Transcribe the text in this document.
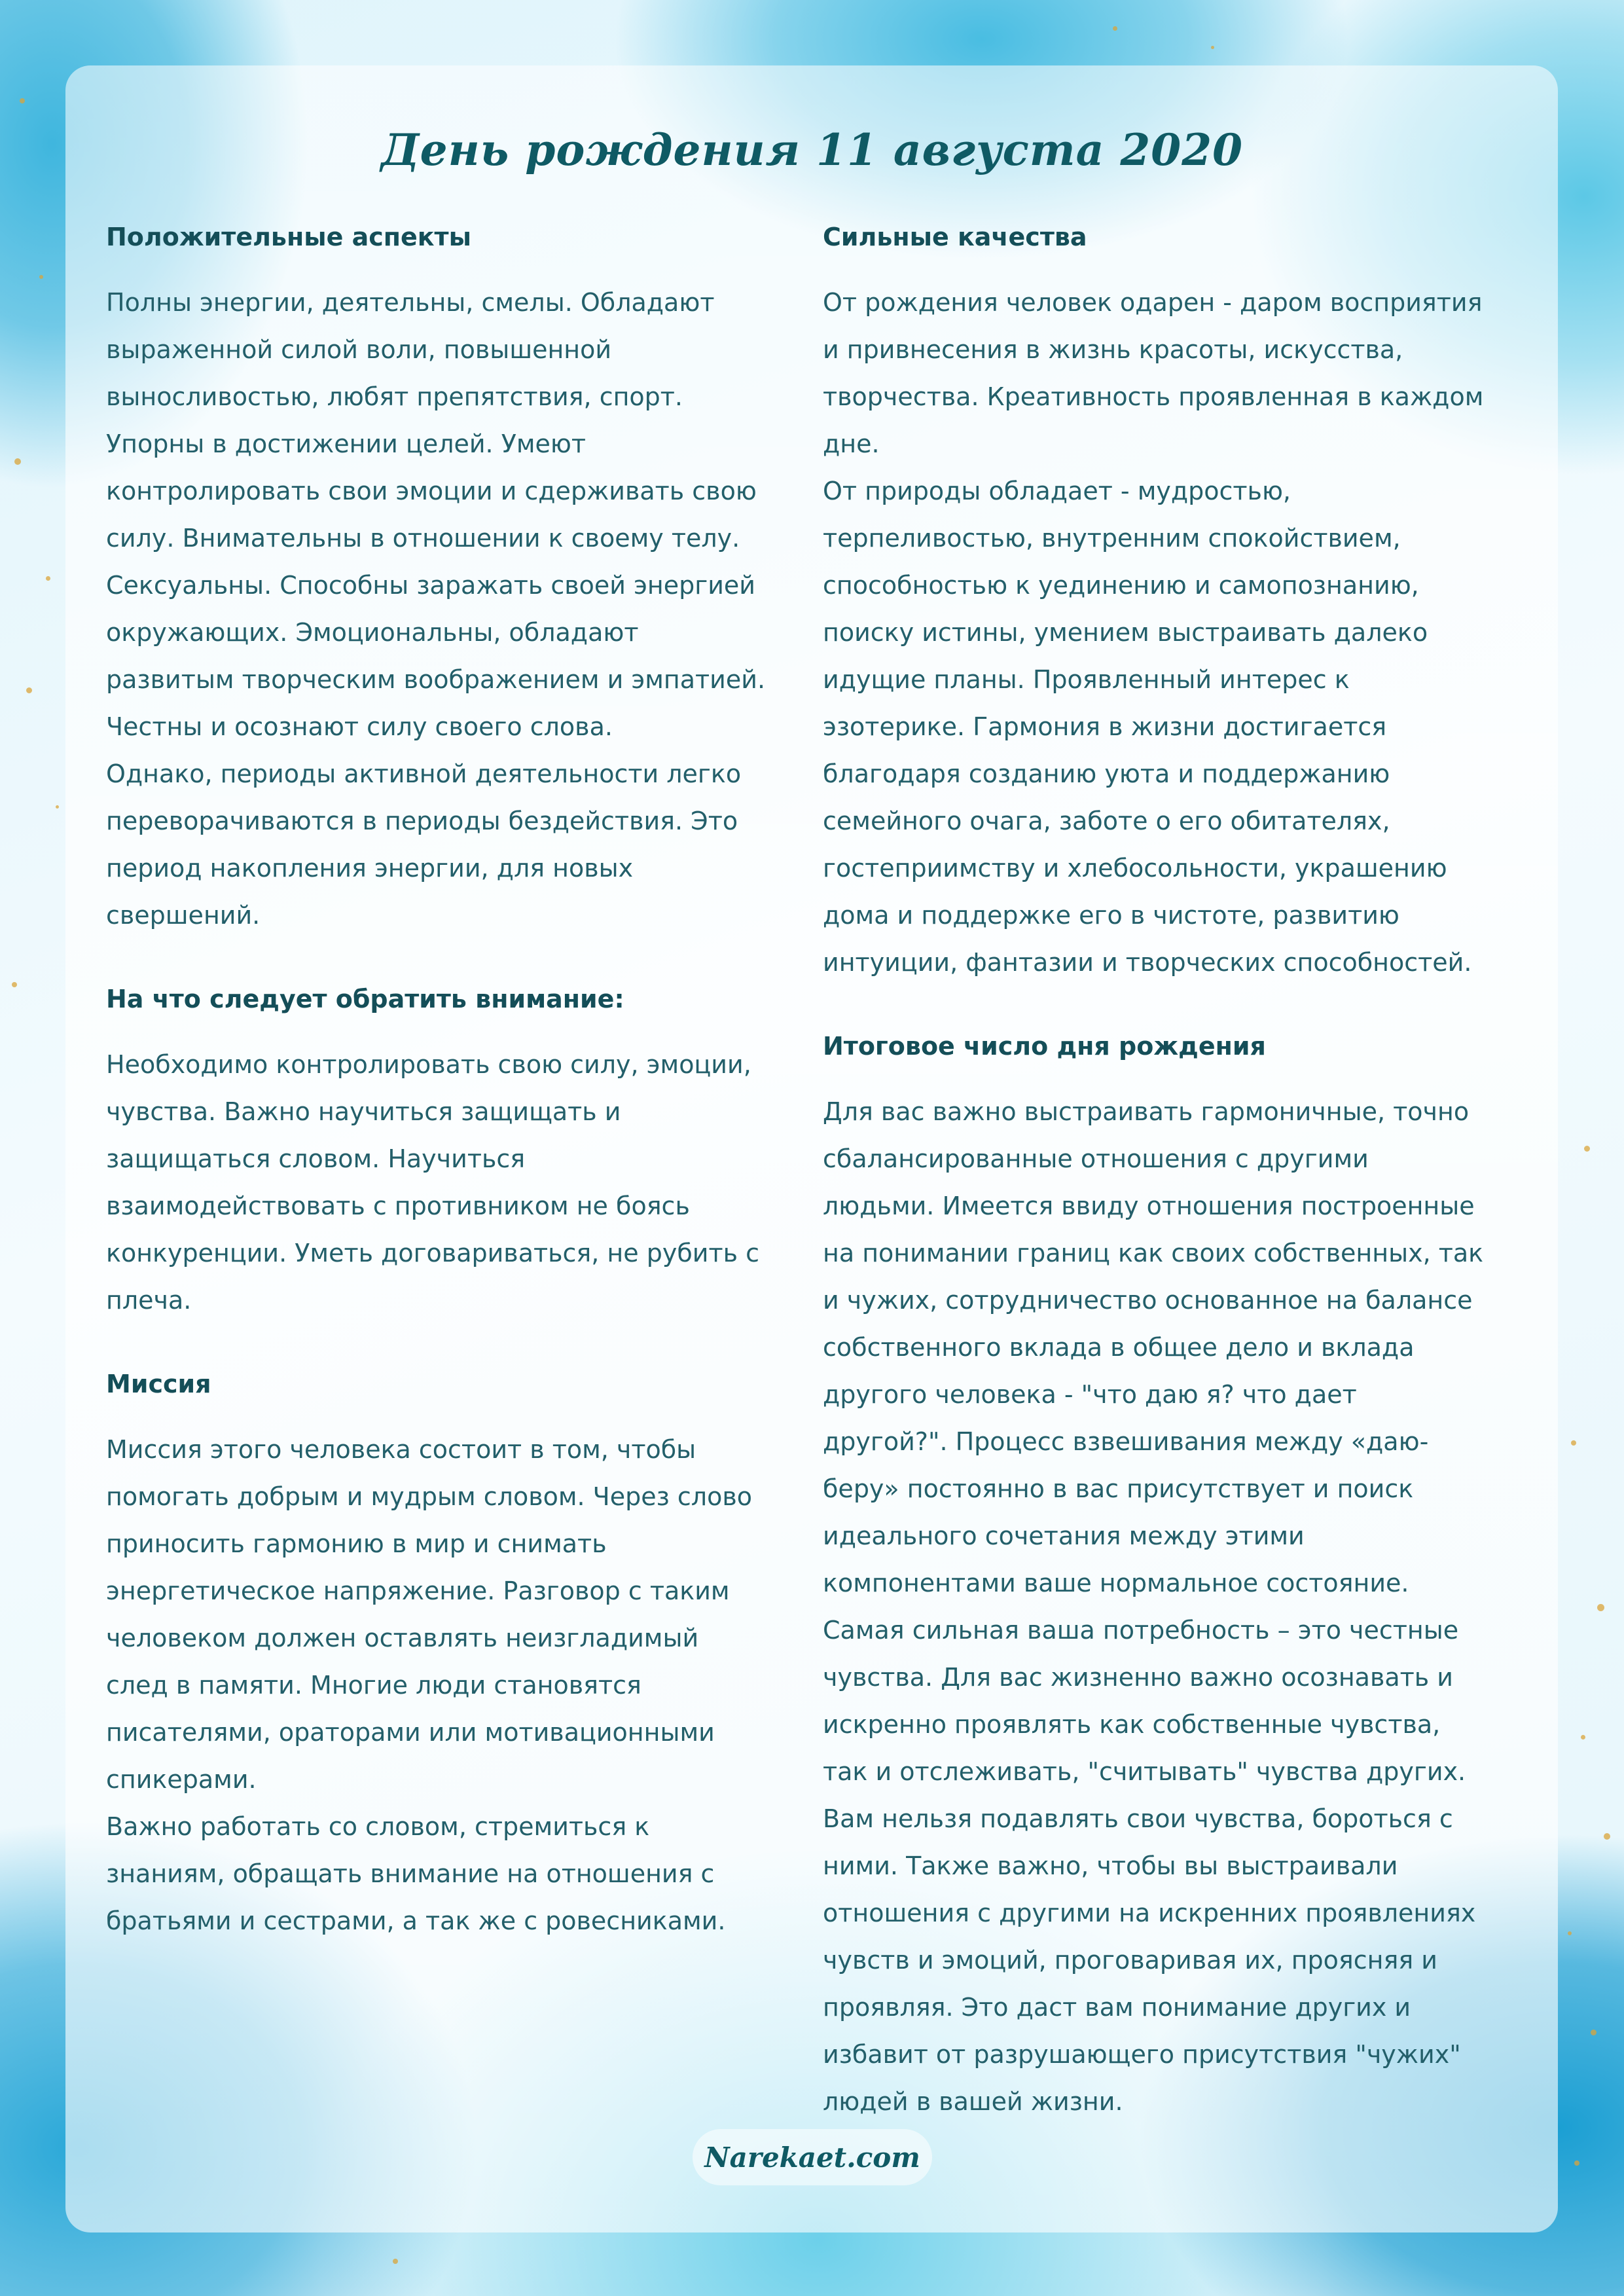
День рождения 11 августа 2020
Положительные аспекты

Полны энергии, деятельны, смелы. Обладают выраженной силой воли, повышенной выносливостью, любят препятствия, спорт. Упорны в достижении целей. Умеют контролировать свои эмоции и сдерживать свою силу. Внимательны в отношении к своему телу. Сексуальны. Способны заражать своей энергией окружающих. Эмоциональны, обладают развитым творческим воображением и эмпатией. Честны и осознают силу своего слова.
Однако, периоды активной деятельности легко переворачиваются в периоды бездействия. Это период накопления энергии, для новых свершений.

На что следует обратить внимание:

Необходимо контролировать свою силу, эмоции, чувства. Важно научиться защищать и защищаться словом. Научиться взаимодействовать с противником не боясь конкуренции. Уметь договариваться, не рубить с плеча.

Миссия

Миссия этого человека состоит в том, чтобы помогать добрым и мудрым словом. Через слово приносить гармонию в мир и снимать энергетическое напряжение. Разговор с таким человеком должен оставлять неизгладимый след в памяти. Многие люди становятся писателями, ораторами или мотивационными спикерами.
Важно работать со словом, стремиться к знаниям, обращать внимание на отношения с братьями и сестрами, а так же с ровесниками.

Сильные качества

От рождения человек одарен - даром восприятия и привнесения в жизнь красоты, искусства, творчества. Креативность проявленная в каждом дне.
От природы обладает - мудростью, терпеливостью, внутренним спокойствием, способностью к уединению и самопознанию, поиску истины, умением выстраивать далеко идущие планы. Проявленный интерес к эзотерике. Гармония в жизни достигается благодаря созданию уюта и поддержанию семейного очага, заботе о его обитателях, гостеприимству и хлебосольности, украшению дома и поддержке его в чистоте, развитию интуиции, фантазии и творческих способностей.

Итоговое число дня рождения

Для вас важно выстраивать гармоничные, точно сбалансированные отношения с другими людьми. Имеется ввиду отношения построенные на понимании границ как своих собственных, так и чужих, сотрудничество основанное на балансе собственного вклада в общее дело и вклада другого человека - "что даю я? что дает другой?". Процесс взвешивания между «даю-беру» постоянно в вас присутствует и поиск идеального сочетания между этими компонентами ваше нормальное состояние.
Самая сильная ваша потребность – это честные чувства. Для вас жизненно важно осознавать и искренно проявлять как собственные чувства, так и отслеживать, "считывать" чувства других. Вам нельзя подавлять свои чувства, бороться с ними. Также важно, чтобы вы выстраивали отношения с другими на искренних проявлениях чувств и эмоций, проговаривая их, проясняя и проявляя. Это даст вам понимание других и избавит от разрушающего присутствия "чужих" людей в вашей жизни.

Narekaet.com
